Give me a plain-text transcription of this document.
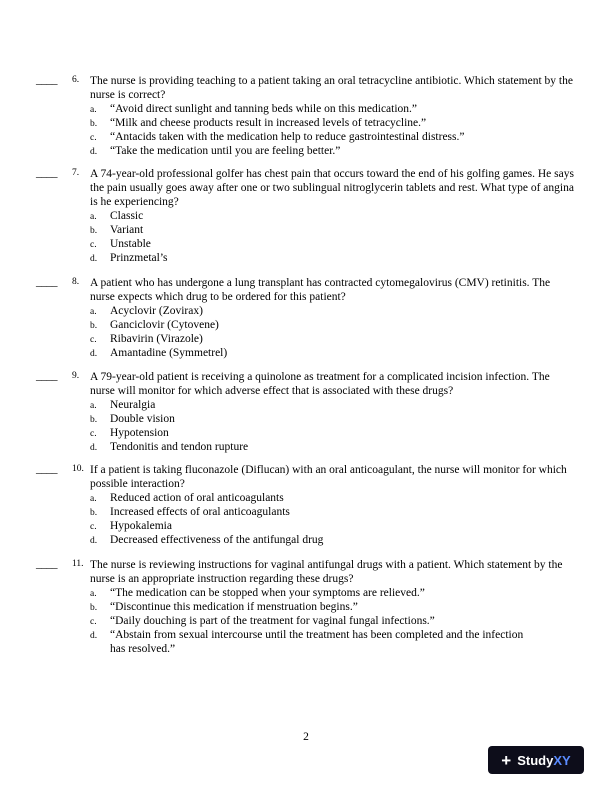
____ 6. The nurse is providing teaching to a patient taking an oral tetracycline antibiotic. Which statement by the nurse is correct?
a. “Avoid direct sunlight and tanning beds while on this medication.”
b. “Milk and cheese products result in increased levels of tetracycline.”
c. “Antacids taken with the medication help to reduce gastrointestinal distress.”
d. “Take the medication until you are feeling better.”
____ 7. A 74-year-old professional golfer has chest pain that occurs toward the end of his golfing games. He says the pain usually goes away after one or two sublingual nitroglycerin tablets and rest. What type of angina is he experiencing?
a. Classic
b. Variant
c. Unstable
d. Prinzmetal’s
____ 8. A patient who has undergone a lung transplant has contracted cytomegalovirus (CMV) retinitis. The nurse expects which drug to be ordered for this patient?
a. Acyclovir (Zovirax)
b. Ganciclovir (Cytovene)
c. Ribavirin (Virazole)
d. Amantadine (Symmetrel)
____ 9. A 79-year-old patient is receiving a quinolone as treatment for a complicated incision infection. The nurse will monitor for which adverse effect that is associated with these drugs?
a. Neuralgia
b. Double vision
c. Hypotension
d. Tendonitis and tendon rupture
____ 10. If a patient is taking fluconazole (Diflucan) with an oral anticoagulant, the nurse will monitor for which possible interaction?
a. Reduced action of oral anticoagulants
b. Increased effects of oral anticoagulants
c. Hypokalemia
d. Decreased effectiveness of the antifungal drug
____ 11. The nurse is reviewing instructions for vaginal antifungal drugs with a patient. Which statement by the nurse is an appropriate instruction regarding these drugs?
a. “The medication can be stopped when your symptoms are relieved.”
b. “Discontinue this medication if menstruation begins.”
c. “Daily douching is part of the treatment for vaginal fungal infections.”
d. “Abstain from sexual intercourse until the treatment has been completed and the infection has resolved.”
2
+ Study XY
